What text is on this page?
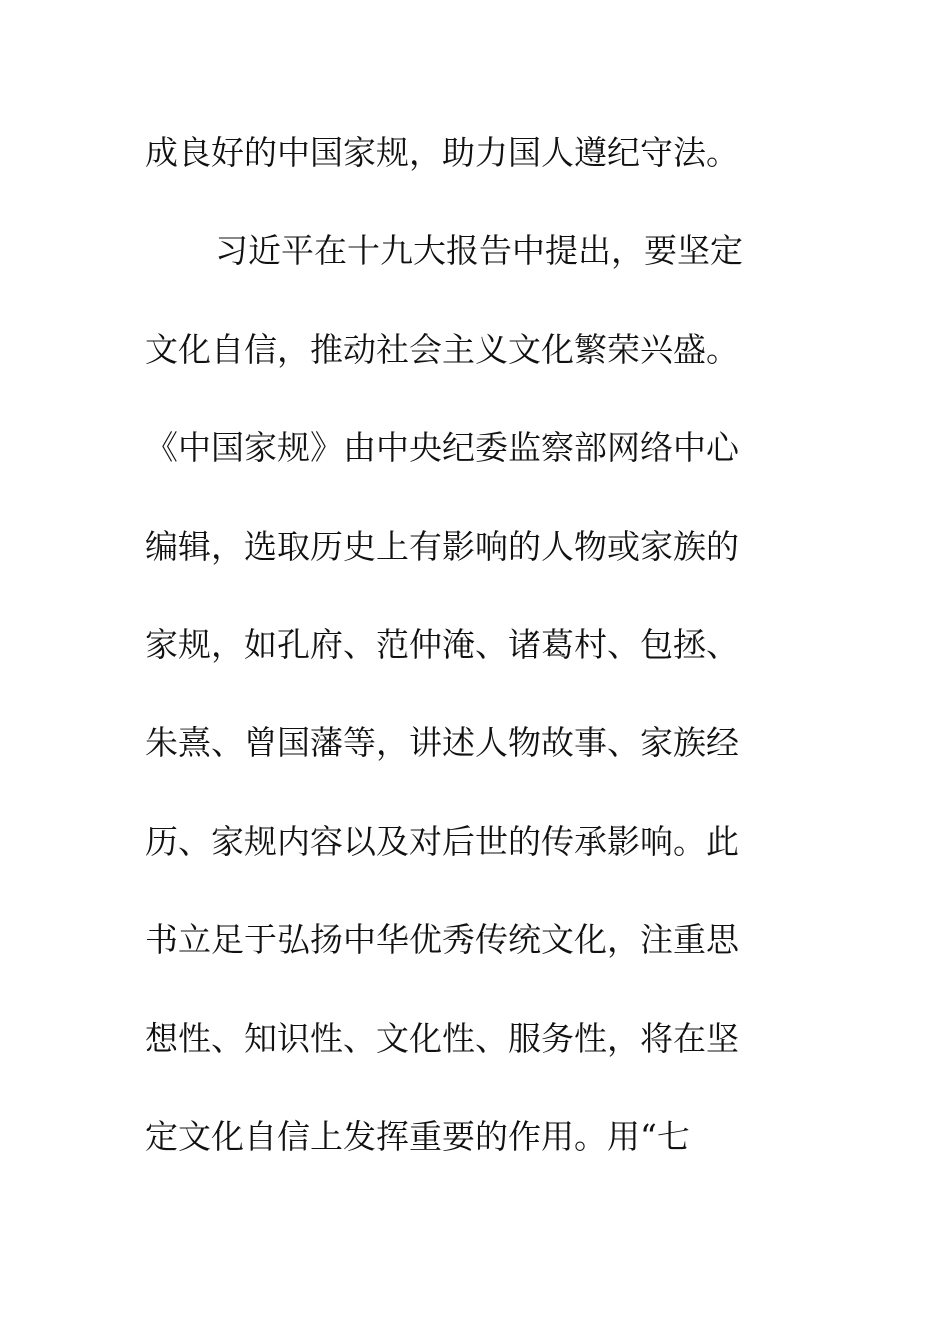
成良好的中国家规，助力国人遵纪守法。
习近平在十九大报告中提出，要坚定
文化自信，推动社会主义文化繁荣兴盛。
《中国家规》由中央纪委监察部网络中心
编辑，选取历史上有影响的人物或家族的
家规，如孔府、范仲淹、诸葛村、包拯、
朱熹、曾国藩等，讲述人物故事、家族经
历、家规内容以及对后世的传承影响。此
书立足于弘扬中华优秀传统文化，注重思
想性、知识性、文化性、服务性，将在坚
定文化自信上发挥重要的作用。用“七
